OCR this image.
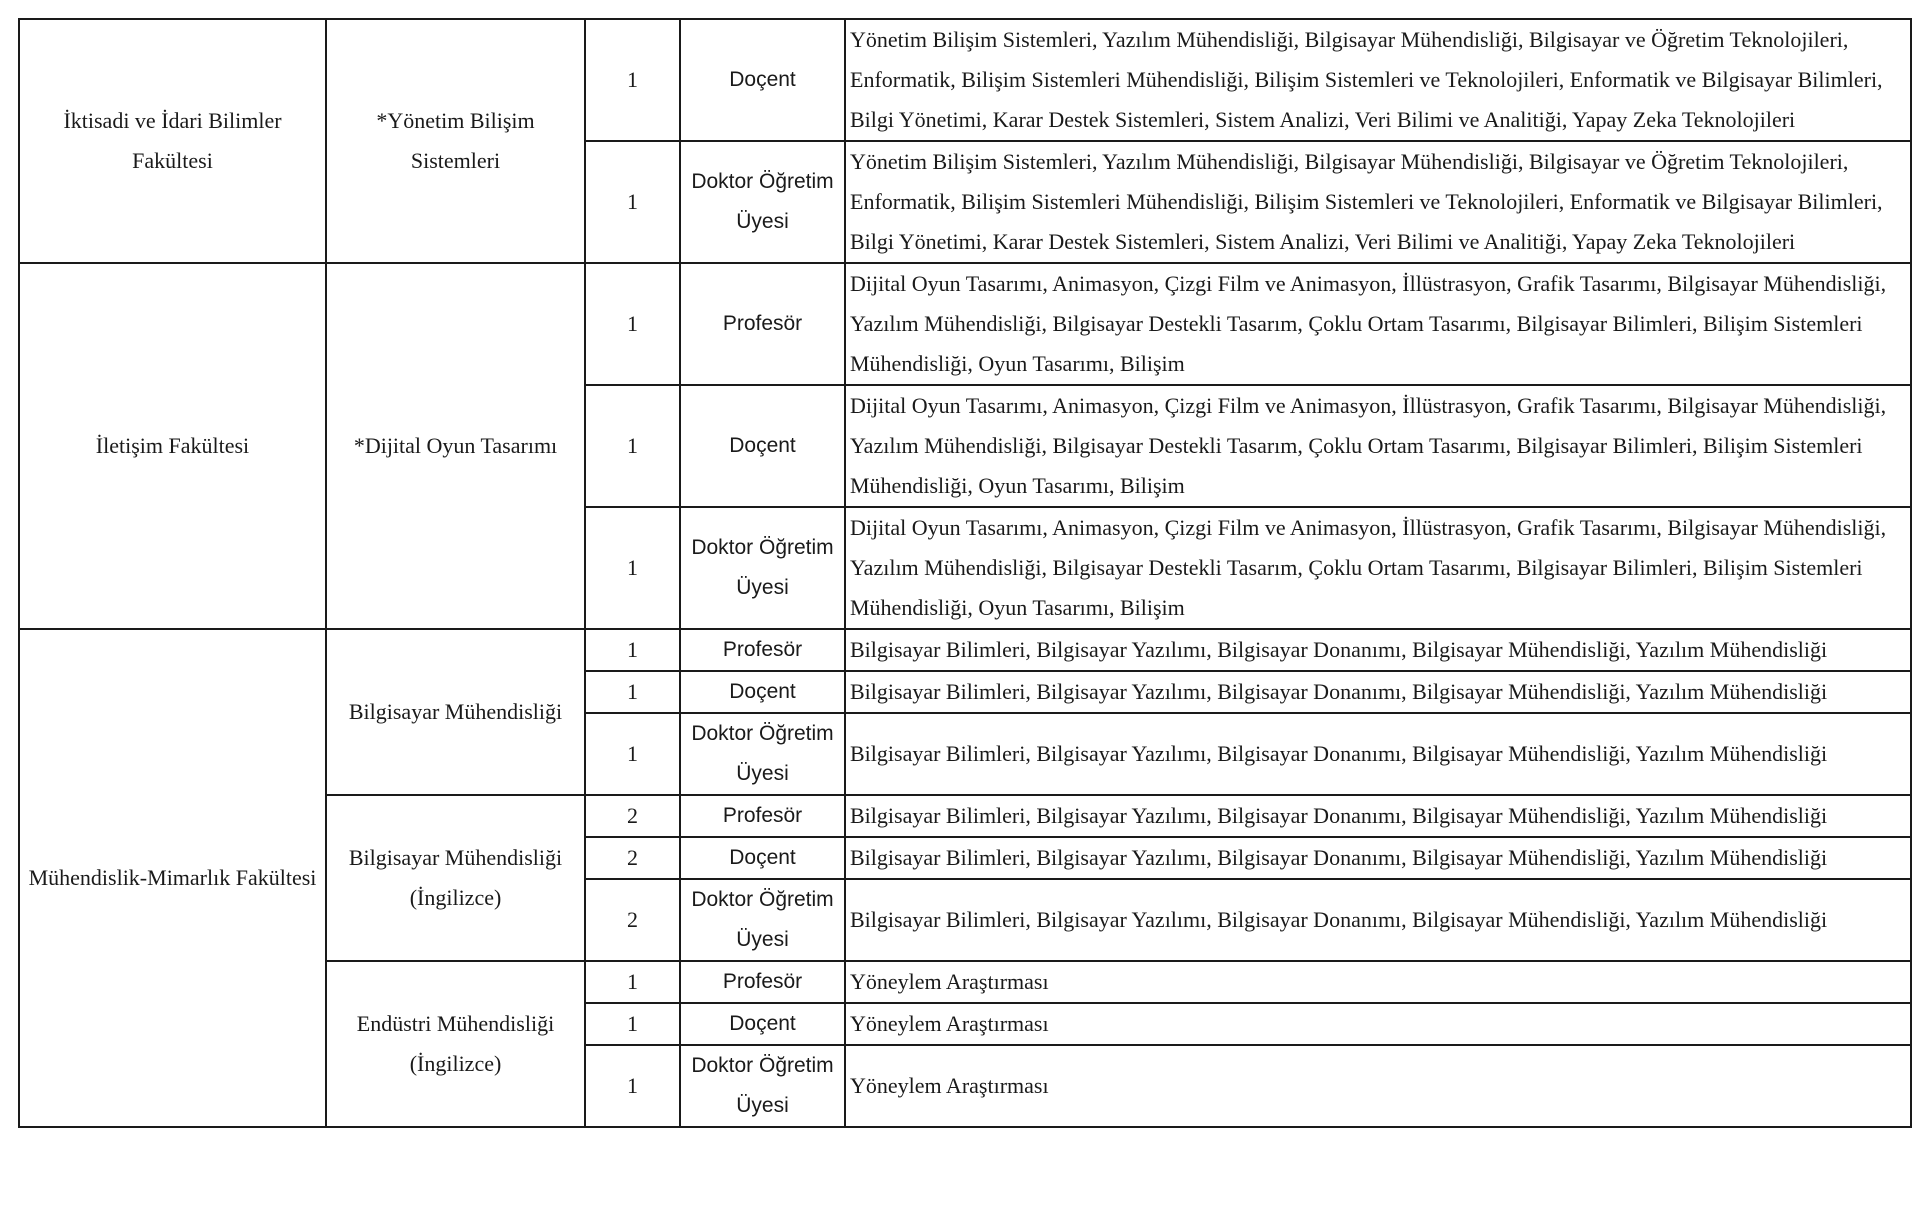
İktisadi ve İdari Bilimler Fakültesi	*Yönetim Bilişim Sistemleri	1	Doçent	Yönetim Bilişim Sistemleri, Yazılım Mühendisliği, Bilgisayar Mühendisliği, Bilgisayar ve Öğretim Teknolojileri, Enformatik, Bilişim Sistemleri Mühendisliği, Bilişim Sistemleri ve Teknolojileri, Enformatik ve Bilgisayar Bilimleri, Bilgi Yönetimi, Karar Destek Sistemleri, Sistem Analizi, Veri Bilimi ve Analitiği, Yapay Zeka Teknolojileri
		1	Doktor Öğretim Üyesi	Yönetim Bilişim Sistemleri, Yazılım Mühendisliği, Bilgisayar Mühendisliği, Bilgisayar ve Öğretim Teknolojileri, Enformatik, Bilişim Sistemleri Mühendisliği, Bilişim Sistemleri ve Teknolojileri, Enformatik ve Bilgisayar Bilimleri, Bilgi Yönetimi, Karar Destek Sistemleri, Sistem Analizi, Veri Bilimi ve Analitiği, Yapay Zeka Teknolojileri
İletişim Fakültesi	*Dijital Oyun Tasarımı	1	Profesör	Dijital Oyun Tasarımı, Animasyon, Çizgi Film ve Animasyon, İllüstrasyon, Grafik Tasarımı, Bilgisayar Mühendisliği, Yazılım Mühendisliği, Bilgisayar Destekli Tasarım, Çoklu Ortam Tasarımı, Bilgisayar Bilimleri, Bilişim Sistemleri Mühendisliği, Oyun Tasarımı, Bilişim
		1	Doçent	Dijital Oyun Tasarımı, Animasyon, Çizgi Film ve Animasyon, İllüstrasyon, Grafik Tasarımı, Bilgisayar Mühendisliği, Yazılım Mühendisliği, Bilgisayar Destekli Tasarım, Çoklu Ortam Tasarımı, Bilgisayar Bilimleri, Bilişim Sistemleri Mühendisliği, Oyun Tasarımı, Bilişim
		1	Doktor Öğretim Üyesi	Dijital Oyun Tasarımı, Animasyon, Çizgi Film ve Animasyon, İllüstrasyon, Grafik Tasarımı, Bilgisayar Mühendisliği, Yazılım Mühendisliği, Bilgisayar Destekli Tasarım, Çoklu Ortam Tasarımı, Bilgisayar Bilimleri, Bilişim Sistemleri Mühendisliği, Oyun Tasarımı, Bilişim
Mühendislik-Mimarlık Fakültesi	Bilgisayar Mühendisliği	1	Profesör	Bilgisayar Bilimleri, Bilgisayar Yazılımı, Bilgisayar Donanımı, Bilgisayar Mühendisliği, Yazılım Mühendisliği
		1	Doçent	Bilgisayar Bilimleri, Bilgisayar Yazılımı, Bilgisayar Donanımı, Bilgisayar Mühendisliği, Yazılım Mühendisliği
		1	Doktor Öğretim Üyesi	Bilgisayar Bilimleri, Bilgisayar Yazılımı, Bilgisayar Donanımı, Bilgisayar Mühendisliği, Yazılım Mühendisliği
	Bilgisayar Mühendisliği (İngilizce)	2	Profesör	Bilgisayar Bilimleri, Bilgisayar Yazılımı, Bilgisayar Donanımı, Bilgisayar Mühendisliği, Yazılım Mühendisliği
		2	Doçent	Bilgisayar Bilimleri, Bilgisayar Yazılımı, Bilgisayar Donanımı, Bilgisayar Mühendisliği, Yazılım Mühendisliği
		2	Doktor Öğretim Üyesi	Bilgisayar Bilimleri, Bilgisayar Yazılımı, Bilgisayar Donanımı, Bilgisayar Mühendisliği, Yazılım Mühendisliği
	Endüstri Mühendisliği (İngilizce)	1	Profesör	Yöneylem Araştırması
		1	Doçent	Yöneylem Araştırması
		1	Doktor Öğretim Üyesi	Yöneylem Araştırması
